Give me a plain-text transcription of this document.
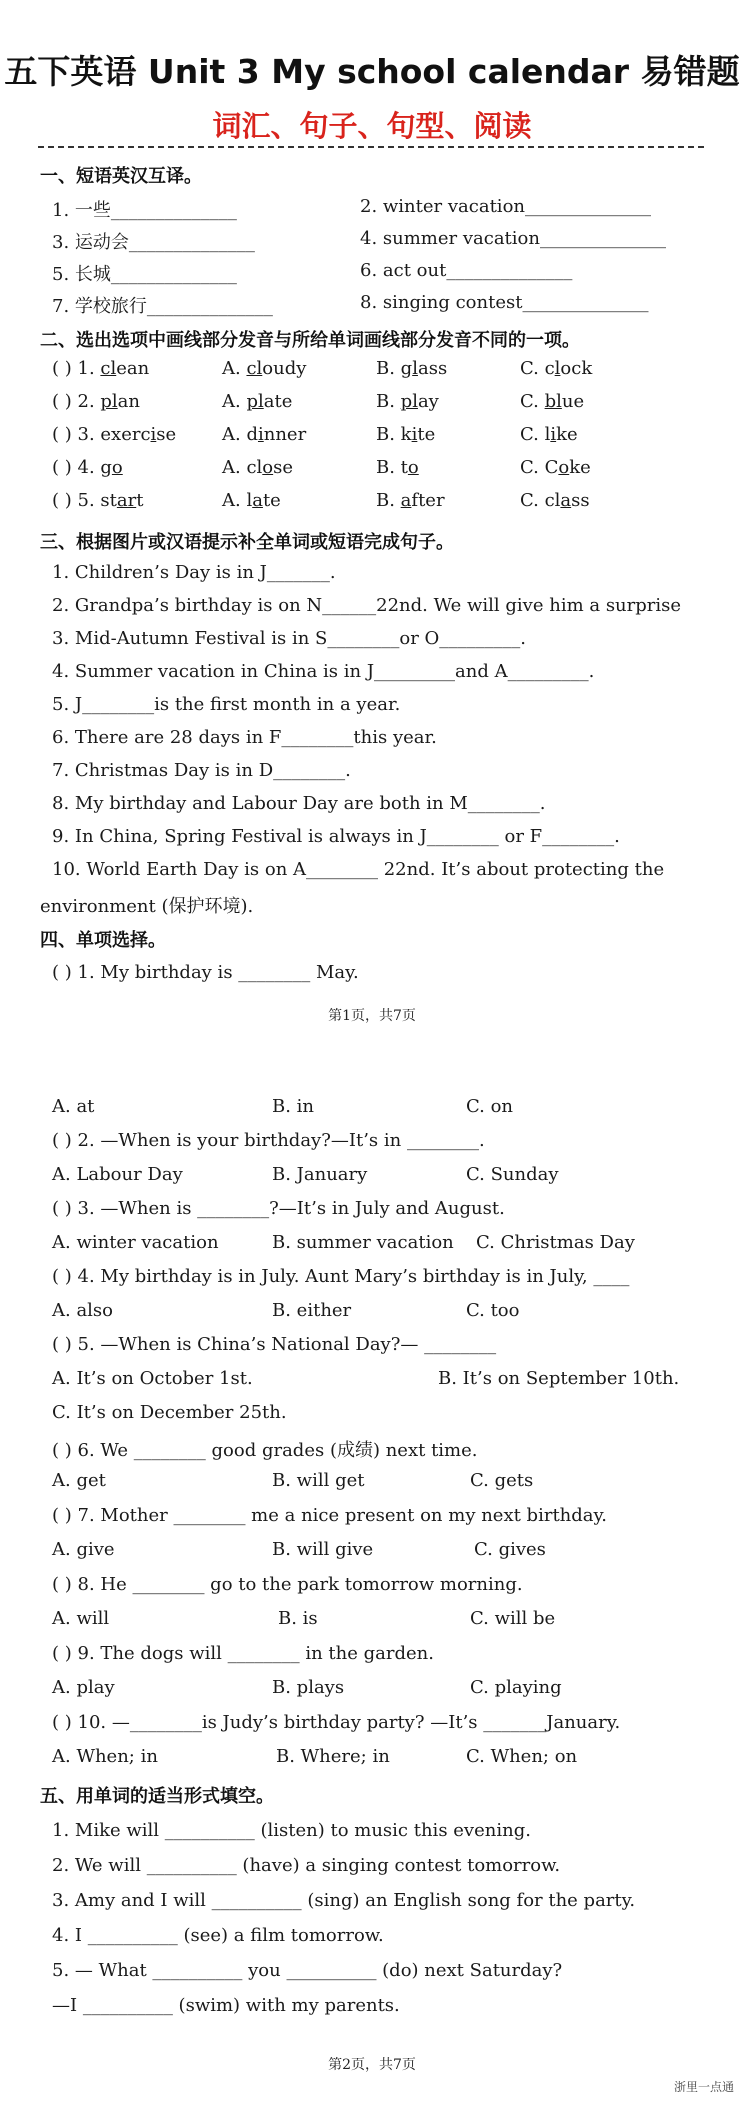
五下英语 Unit 3 My school calendar 易错题
词汇、句子、句型、阅读
一、短语英汉互译。
1. 一些______________	2. winter vacation______________
3. 运动会______________	4. summer vacation______________
5. 长城______________	6. act out______________
7. 学校旅行______________	8. singing contest______________
二、选出选项中画线部分发音与所给单词画线部分发音不同的一项。
( ) 1. clean	A. cloudy	B. glass	C. clock
( ) 2. plan	A. plate	B. play	C. blue
( ) 3. exercise	A. dinner	B. kite	C. like
( ) 4. go	A. close	B. to	C. Coke
( ) 5. start	A. late	B. after	C. class
三、根据图片或汉语提示补全单词或短语完成句子。
1. Children’s Day is in J_______.
2. Grandpa’s birthday is on N______22nd. We will give him a surprise
3. Mid-Autumn Festival is in S________or O_________.
4. Summer vacation in China is in J_________and A_________.
5. J________is the first month in a year.
6. There are 28 days in F________this year.
7. Christmas Day is in D________.
8. My birthday and Labour Day are both in M________.
9. In China, Spring Festival is always in J________ or F________.
10. World Earth Day is on A________ 22nd. It’s about protecting the
environment (保护环境).
四、单项选择。
( ) 1. My birthday is ________ May.
第1页，共7页
A. at	B. in	C. on
( ) 2. —When is your birthday?—It’s in ________.
A. Labour Day	B. January	C. Sunday
( ) 3. —When is ________?—It’s in July and August.
A. winter vacation	B. summer vacation C. Christmas Day
( ) 4. My birthday is in July. Aunt Mary’s birthday is in July, ____
A. also	B. either	C. too
( ) 5. —When is China’s National Day?— ________
A. It’s on October 1st.	B. It’s on September 10th.
C. It’s on December 25th.
( ) 6. We ________ good grades (成绩) next time.
A. get	B. will get	C. gets
( ) 7. Mother ________ me a nice present on my next birthday.
A. give	B. will give	C. gives
( ) 8. He ________ go to the park tomorrow morning.
A. will	B. is	C. will be
( ) 9. The dogs will ________ in the garden.
A. play	B. plays	C. playing
( ) 10. —________is Judy’s birthday party? —It’s _______January.
A. When; in	B. Where; in	C. When; on
五、用单词的适当形式填空。
1. Mike will __________ (listen) to music this evening.
2. We will __________ (have) a singing contest tomorrow.
3. Amy and I will __________ (sing) an English song for the party.
4. I __________ (see) a film tomorrow.
5. — What __________ you __________ (do) next Saturday?
—I __________ (swim) with my parents.
第2页，共7页
浙里一点通
